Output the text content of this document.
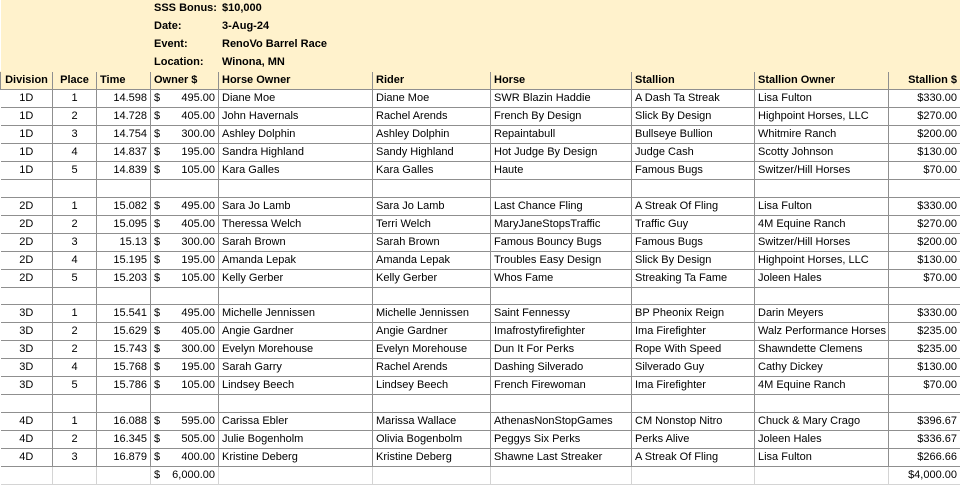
			SSS Bonus:	$10,000					
			Date:	3-Aug-24					
			Event:	RenoVo Barrel Race					
			Location:	Winona, MN					
Division	Place	Time	Owner $	Horse Owner	Rider	Horse	Stallion	Stallion Owner	Stallion $
1D	1	14.598	$ 495.00	Diane Moe	Diane Moe	SWR Blazin Haddie	A Dash Ta Streak	Lisa Fulton	$330.00
1D	2	14.728	$ 405.00	John Havernals	Rachel Arends	French By Design	Slick By Design	Highpoint Horses, LLC	$270.00
1D	3	14.754	$ 300.00	Ashley Dolphin	Ashley Dolphin	Repaintabull	Bullseye Bullion	Whitmire Ranch	$200.00
1D	4	14.837	$ 195.00	Sandra Highland	Sandy Highland	Hot Judge By Design	Judge Cash	Scotty Johnson	$130.00
1D	5	14.839	$ 105.00	Kara Galles	Kara Galles	Haute	Famous Bugs	Switzer/Hill Horses	$70.00

2D	1	15.082	$ 495.00	Sara Jo Lamb	Sara Jo Lamb	Last Chance Fling	A Streak Of Fling	Lisa Fulton	$330.00
2D	2	15.095	$ 405.00	Theressa Welch	Terri Welch	MaryJaneStopsTraffic	Traffic Guy	4M Equine Ranch	$270.00
2D	3	15.13	$ 300.00	Sarah Brown	Sarah Brown	Famous Bouncy Bugs	Famous Bugs	Switzer/Hill Horses	$200.00
2D	4	15.195	$ 195.00	Amanda Lepak	Amanda Lepak	Troubles Easy Design	Slick By Design	Highpoint Horses, LLC	$130.00
2D	5	15.203	$ 105.00	Kelly Gerber	Kelly Gerber	Whos Fame	Streaking Ta Fame	Joleen Hales	$70.00

3D	1	15.541	$ 495.00	Michelle Jennissen	Michelle Jennissen	Saint Fennessy	BP Pheonix Reign	Darin Meyers	$330.00
3D	2	15.629	$ 405.00	Angie Gardner	Angie Gardner	Imafrostyfirefighter	Ima Firefighter	Walz Performance Horses	$235.00
3D	2	15.743	$ 300.00	Evelyn Morehouse	Evelyn Morehouse	Dun It For Perks	Rope With Speed	Shawndette Clemens	$235.00
3D	4	15.768	$ 195.00	Sarah Garry	Rachel Arends	Dashing Silverado	Silverado Guy	Cathy Dickey	$130.00
3D	5	15.786	$ 105.00	Lindsey Beech	Lindsey Beech	French Firewoman	Ima Firefighter	4M Equine Ranch	$70.00

4D	1	16.088	$ 595.00	Carissa Ebler	Marissa Wallace	AthenasNonStopGames	CM Nonstop Nitro	Chuck & Mary Crago	$396.67
4D	2	16.345	$ 505.00	Julie Bogenholm	Olivia Bogenbolm	Peggys Six Perks	Perks Alive	Joleen Hales	$336.67
4D	3	16.879	$ 400.00	Kristine Deberg	Kristine Deberg	Shawne Last Streaker	A Streak Of Fling	Lisa Fulton	$266.66

			$ 6,000.00						$4,000.00
